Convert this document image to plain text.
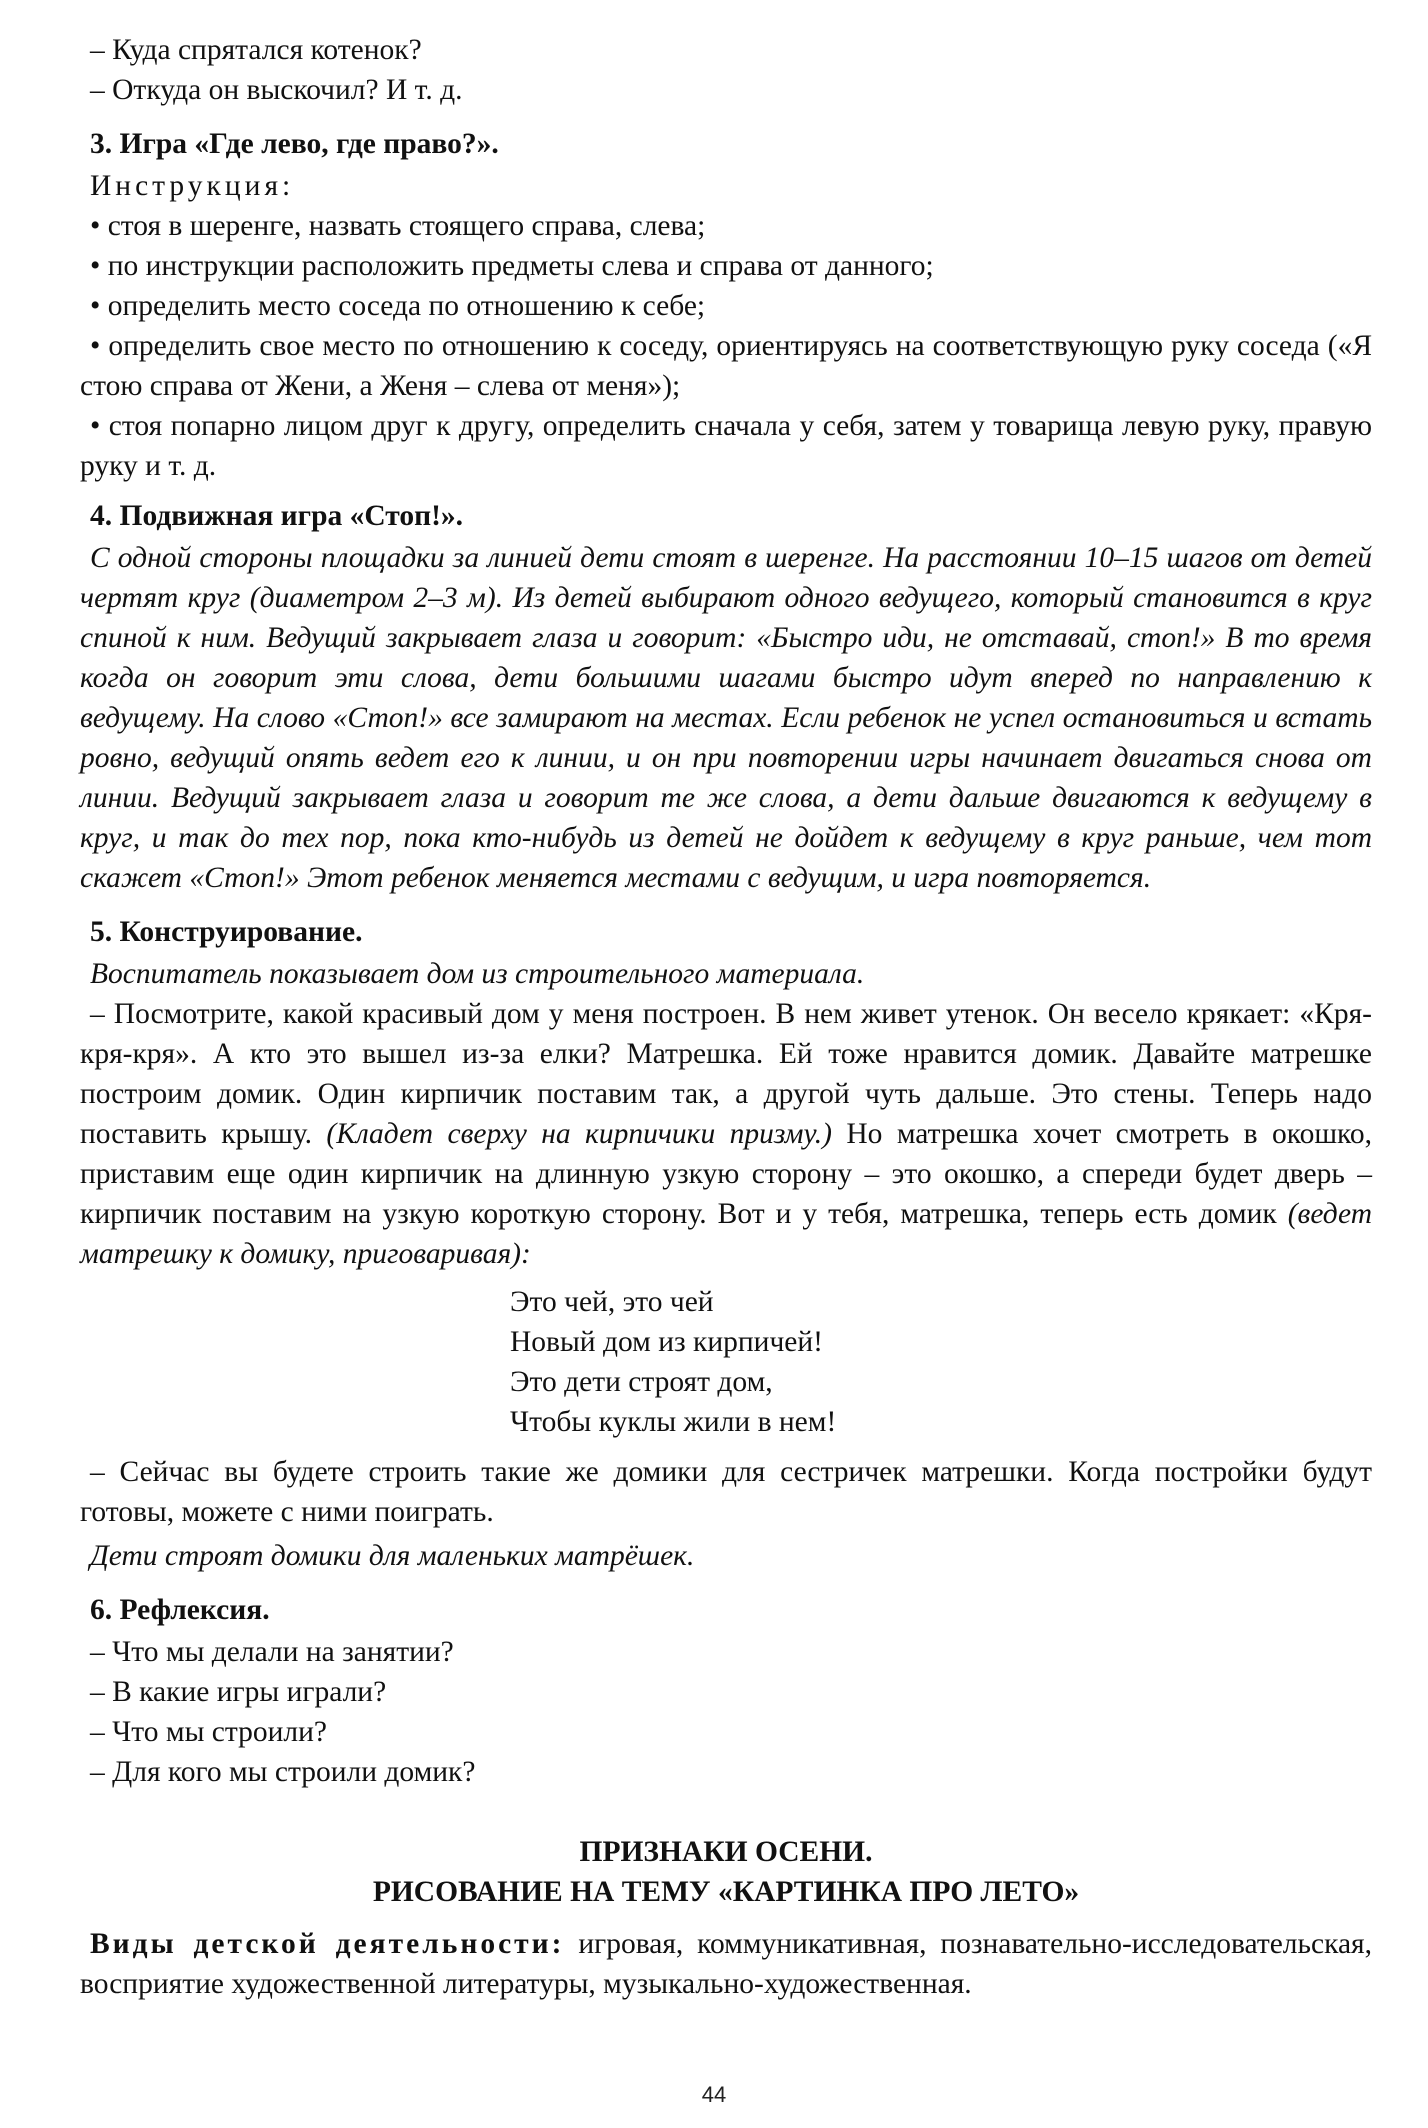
– Куда спрятался котенок?

– Откуда он выскочил? И т. д.

3. Игра «Где лево, где право?».

Инструкция:

• стоя в шеренге, назвать стоящего справа, слева;

• по инструкции расположить предметы слева и справа от данного;

• определить место соседа по отношению к себе;

• определить свое место по отношению к соседу, ориентируясь на соответствующую руку соседа («Я стою справа от Жени, а Женя – слева от меня»);

• стоя попарно лицом друг к другу, определить сначала у себя, затем у товарища левую руку, правую руку и т. д.

4. Подвижная игра «Стоп!».

С одной стороны площадки за линией дети стоят в шеренге. На расстоянии 10–15 шагов от детей чертят круг (диаметром 2–3 м). Из детей выбирают одного ведущего, который становится в круг спиной к ним. Ведущий закрывает глаза и говорит: «Быстро иди, не отставай, стоп!» В то время когда он говорит эти слова, дети большими шагами быстро идут вперед по направлению к ведущему. На слово «Стоп!» все замирают на местах. Если ребенок не успел остановиться и встать ровно, ведущий опять ведет его к линии, и он при повторении игры начинает двигаться снова от линии. Ведущий закрывает глаза и говорит те же слова, а дети дальше двигаются к ведущему в круг, и так до тех пор, пока кто-нибудь из детей не дойдет к ведущему в круг раньше, чем тот скажет «Стоп!» Этот ребенок меняется местами с ведущим, и игра повторяется.

5. Конструирование.

Воспитатель показывает дом из строительного материала.

– Посмотрите, какой красивый дом у меня построен. В нем живет утенок. Он весело крякает: «Кря-кря-кря». А кто это вышел из-за елки? Матрешка. Ей тоже нравится домик. Давайте матрешке построим домик. Один кирпичик поставим так, а другой чуть дальше. Это стены. Теперь надо поставить крышу. (Кладет сверху на кирпичики призму.) Но матрешка хочет смотреть в окошко, приставим еще один кирпичик на длинную узкую сторону – это окошко, а спереди будет дверь – кирпичик поставим на узкую короткую сторону. Вот и у тебя, матрешка, теперь есть домик (ведет матрешку к домику, приговаривая):

Это чей, это чей
Новый дом из кирпичей!
Это дети строят дом,
Чтобы куклы жили в нем!

– Сейчас вы будете строить такие же домики для сестричек матрешки. Когда постройки будут готовы, можете с ними поиграть.

Дети строят домики для маленьких матрёшек.

6. Рефлексия.

– Что мы делали на занятии?

– В какие игры играли?

– Что мы строили?

– Для кого мы строили домик?

ПРИЗНАКИ ОСЕНИ.
РИСОВАНИЕ НА ТЕМУ «КАРТИНКА ПРО ЛЕТО»

Виды детской деятельности: игровая, коммуникативная, познавательно-исследовательская, восприятие художественной литературы, музыкально-художественная.

44
